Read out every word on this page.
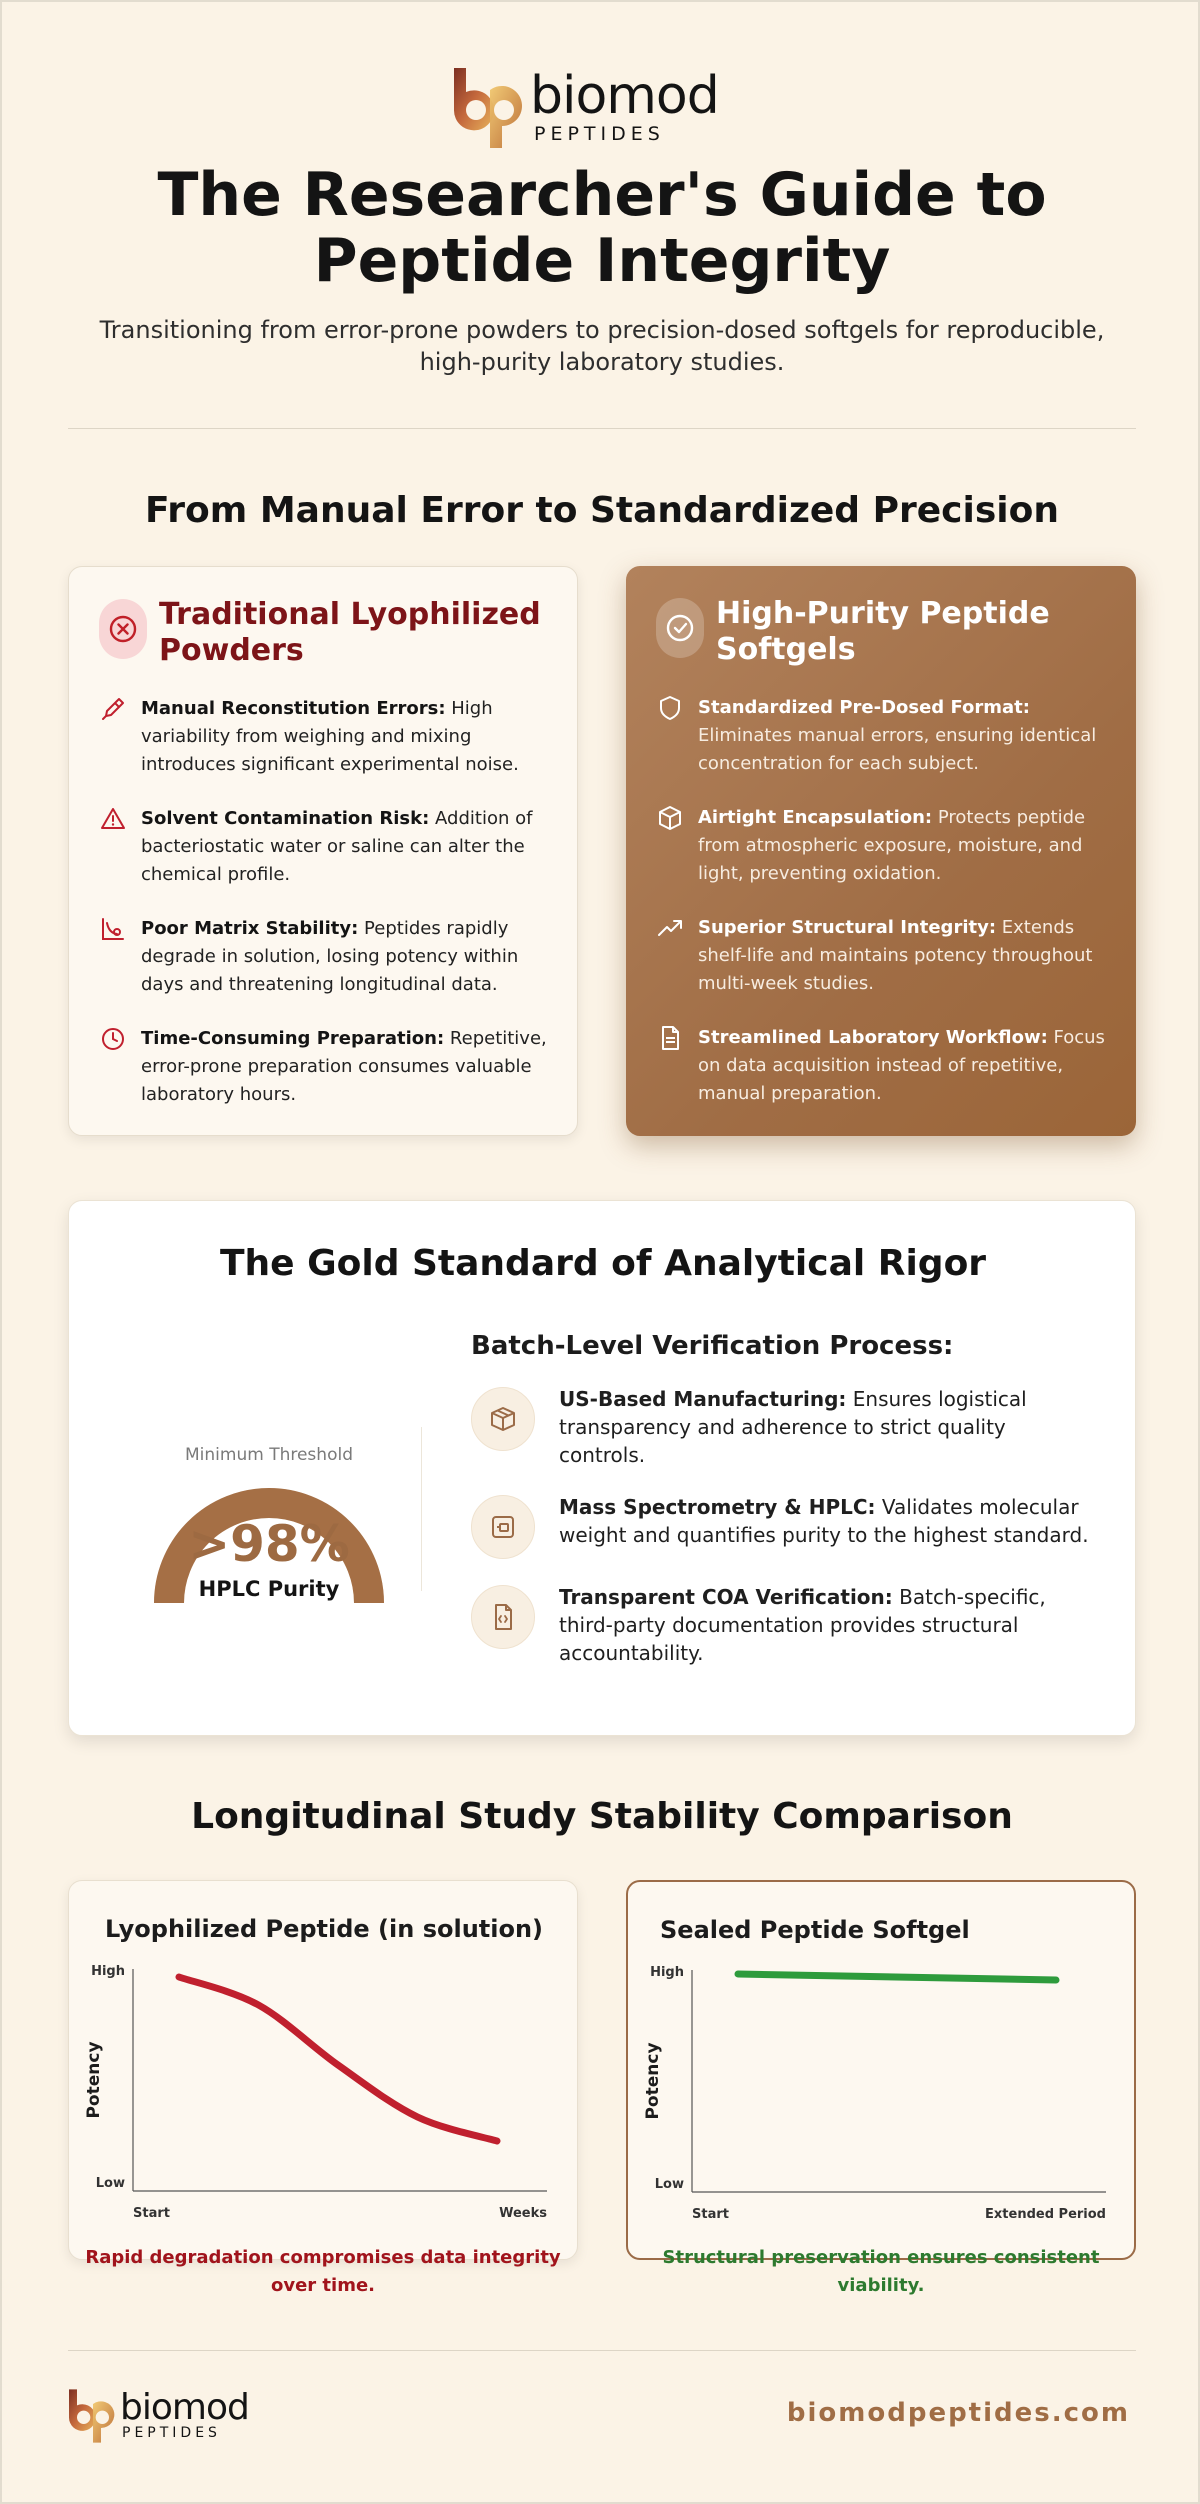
biomod
PEPTIDES
The Researcher's Guide to
Peptide Integrity
Transitioning from error-prone powders to precision-dosed softgels for reproducible, high-purity laboratory studies.
From Manual Error to Standardized Precision
Traditional Lyophilized Powders
Manual Reconstitution Errors: High variability from weighing and mixing introduces significant experimental noise.
Solvent Contamination Risk: Addition of bacteriostatic water or saline can alter the chemical profile.
Poor Matrix Stability: Peptides rapidly degrade in solution, losing potency within days and threatening longitudinal data.
Time-Consuming Preparation: Repetitive, error-prone preparation consumes valuable laboratory hours.
High-Purity Peptide Softgels
Standardized Pre-Dosed Format: Eliminates manual errors, ensuring identical concentration for each subject.
Airtight Encapsulation: Protects peptide from atmospheric exposure, moisture, and light, preventing oxidation.
Superior Structural Integrity: Extends shelf-life and maintains potency throughout multi-week studies.
Streamlined Laboratory Workflow: Focus on data acquisition instead of repetitive, manual preparation.
The Gold Standard of Analytical Rigor
Minimum Threshold
>98%
HPLC Purity
Batch-Level Verification Process:
US-Based Manufacturing: Ensures logistical transparency and adherence to strict quality controls.
Mass Spectrometry & HPLC: Validates molecular weight and quantifies purity to the highest standard.
Transparent COA Verification: Batch-specific, third-party documentation provides structural accountability.
Longitudinal Study Stability Comparison
Lyophilized Peptide (in solution)
Potency
High
Low
Start	Weeks
Rapid degradation compromises data integrity over time.
Sealed Peptide Softgel
Potency
High
Low
Start	Extended Period
Structural preservation ensures consistent viability.
biomod
PEPTIDES
biomodpeptides.com
